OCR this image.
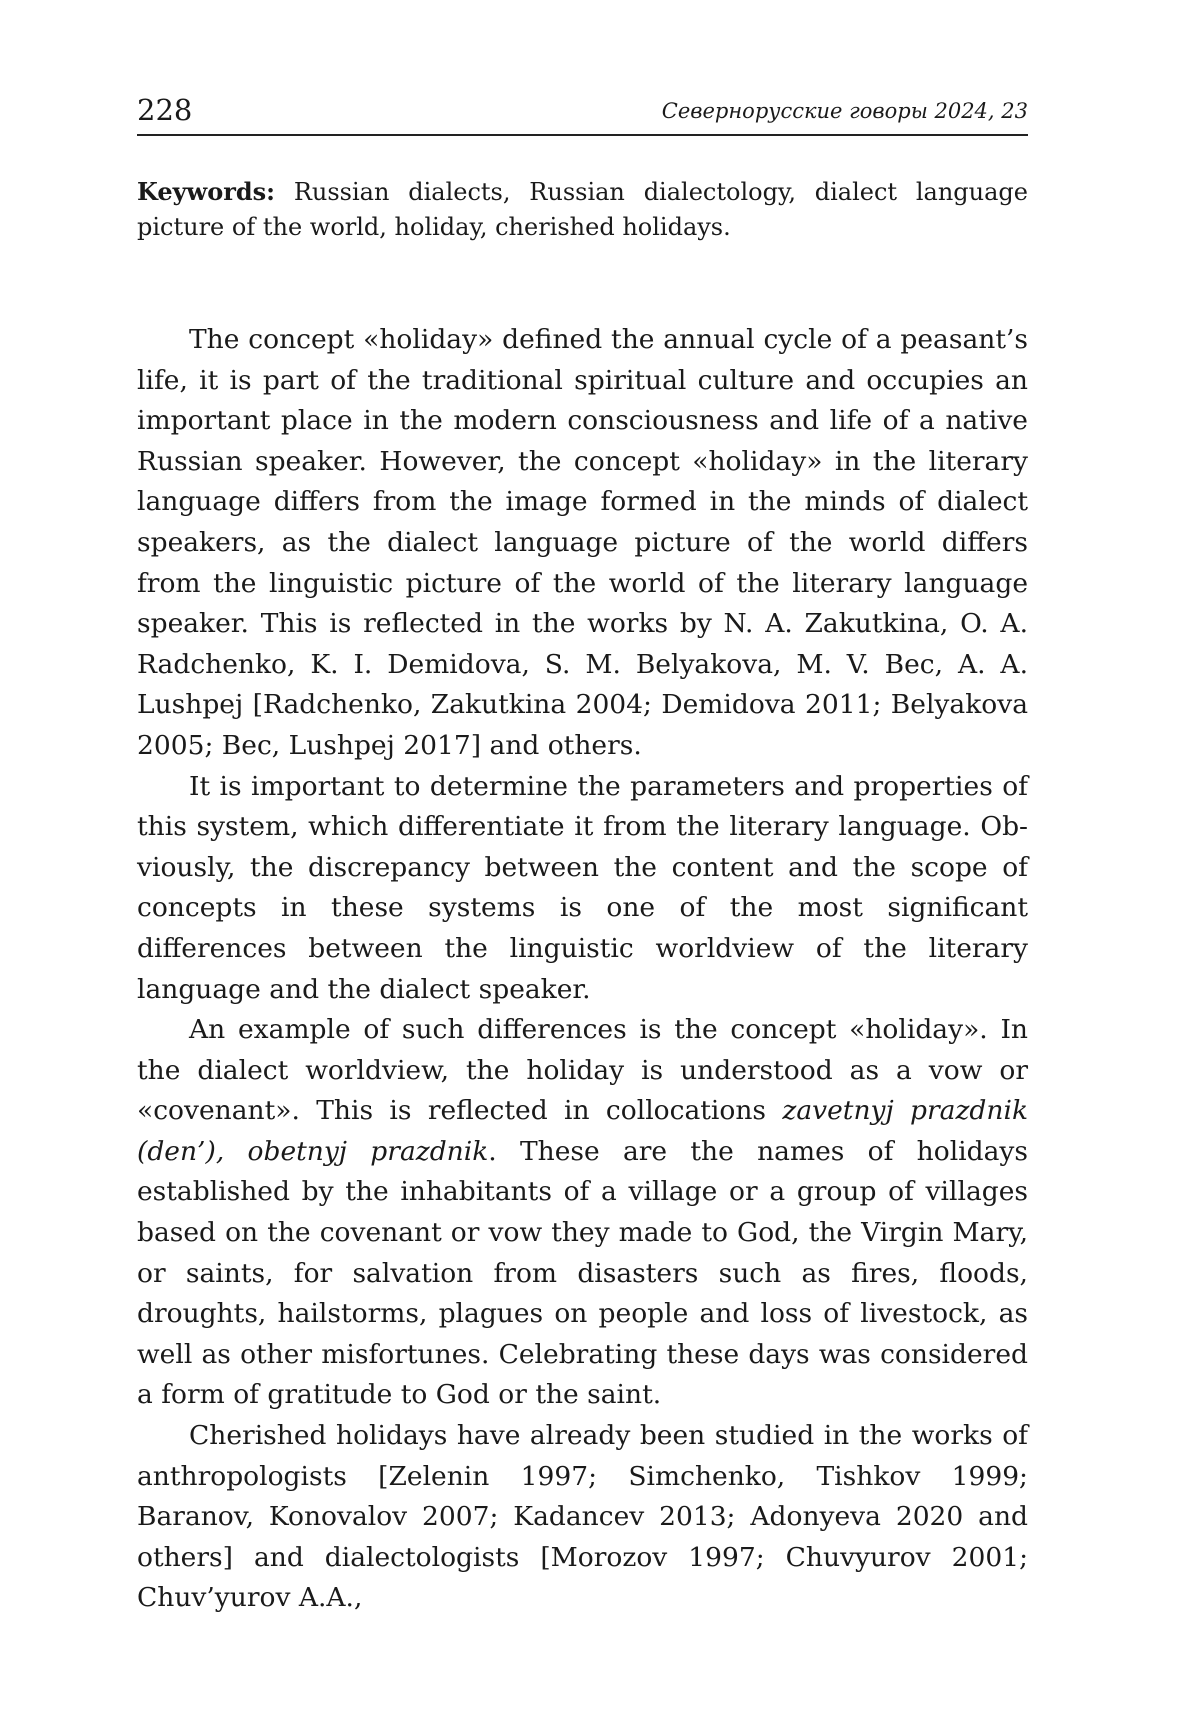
228	Севернорусские говоры 2024, 23
Keywords: Russian dialects, Russian dialectology, dialect language picture of the world, holiday, cherished holidays.

The concept «holiday» defined the annual cycle of a peasant’s life, it is part of the traditional spiritual culture and occupies an important place in the modern consciousness and life of a native Russian speaker. However, the concept «holiday» in the literary language differs from the image formed in the minds of dialect speakers, as the dialect language picture of the world differs from the linguistic picture of the world of the literary language speaker. This is reflected in the works by N. A. Zakutkina, O. A. Radchenko, K. I. Demidova, S. M. Belyakova, M. V. Bec, A. A. Lushpej [Radchenko, Zakutkina 2004; Demidova 2011; Belyakova 2005; Bec, Lushpej 2017] and others.

It is important to determine the parameters and properties of this system, which differentiate it from the literary language. Obviously, the discrepancy between the content and the scope of concepts in these systems is one of the most significant differences between the linguistic worldview of the literary language and the dialect speaker.

An example of such differences is the concept «holiday». In the dialect worldview, the holiday is understood as a vow or «covenant». This is reflected in collocations zavetnyj prazdnik (den’), obetnyj prazdnik. These are the names of holidays established by the inhabitants of a village or a group of villages based on the covenant or vow they made to God, the Virgin Mary, or saints, for salvation from disasters such as fires, floods, droughts, hailstorms, plagues on people and loss of livestock, as well as other misfortunes. Celebrating these days was considered a form of gratitude to God or the saint.

Cherished holidays have already been studied in the works of anthropologists [Zelenin 1997; Simchenko, Tishkov 1999; Baranov, Konovalov 2007; Kadancev 2013; Adonyeva 2020 and others] and dialectologists [Morozov 1997; Chuvyurov 2001; Chuv’yurov A.A.,
